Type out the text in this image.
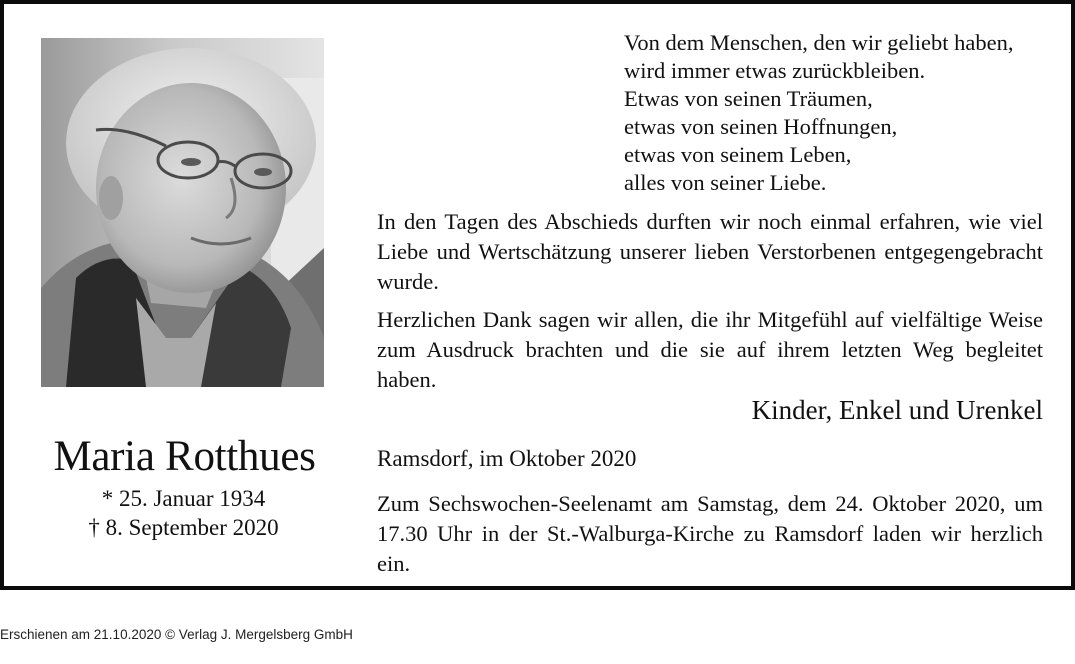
Maria Rotthues
* 25. Januar 1934
† 8. September 2020
Von dem Menschen, den wir geliebt haben,
wird immer etwas zurückbleiben.
Etwas von seinen Träumen,
etwas von seinen Hoffnungen,
etwas von seinem Leben,
alles von seiner Liebe.
In den Tagen des Abschieds durften wir noch einmal erfahren, wie viel Liebe und Wertschätzung unserer lieben Verstorbenen entgegengebracht wurde.
Herzlichen Dank sagen wir allen, die ihr Mitgefühl auf vielfältige Weise zum Ausdruck brachten und die sie auf ihrem letzten Weg begleitet haben.
Kinder, Enkel und Urenkel
Ramsdorf, im Oktober 2020
Zum Sechswochen-Seelenamt am Samstag, dem 24. Oktober 2020, um 17.30 Uhr in der St.-Walburga-Kirche zu Ramsdorf laden wir herzlich ein.
Erschienen am 21.10.2020 © Verlag J. Mergelsberg GmbH
